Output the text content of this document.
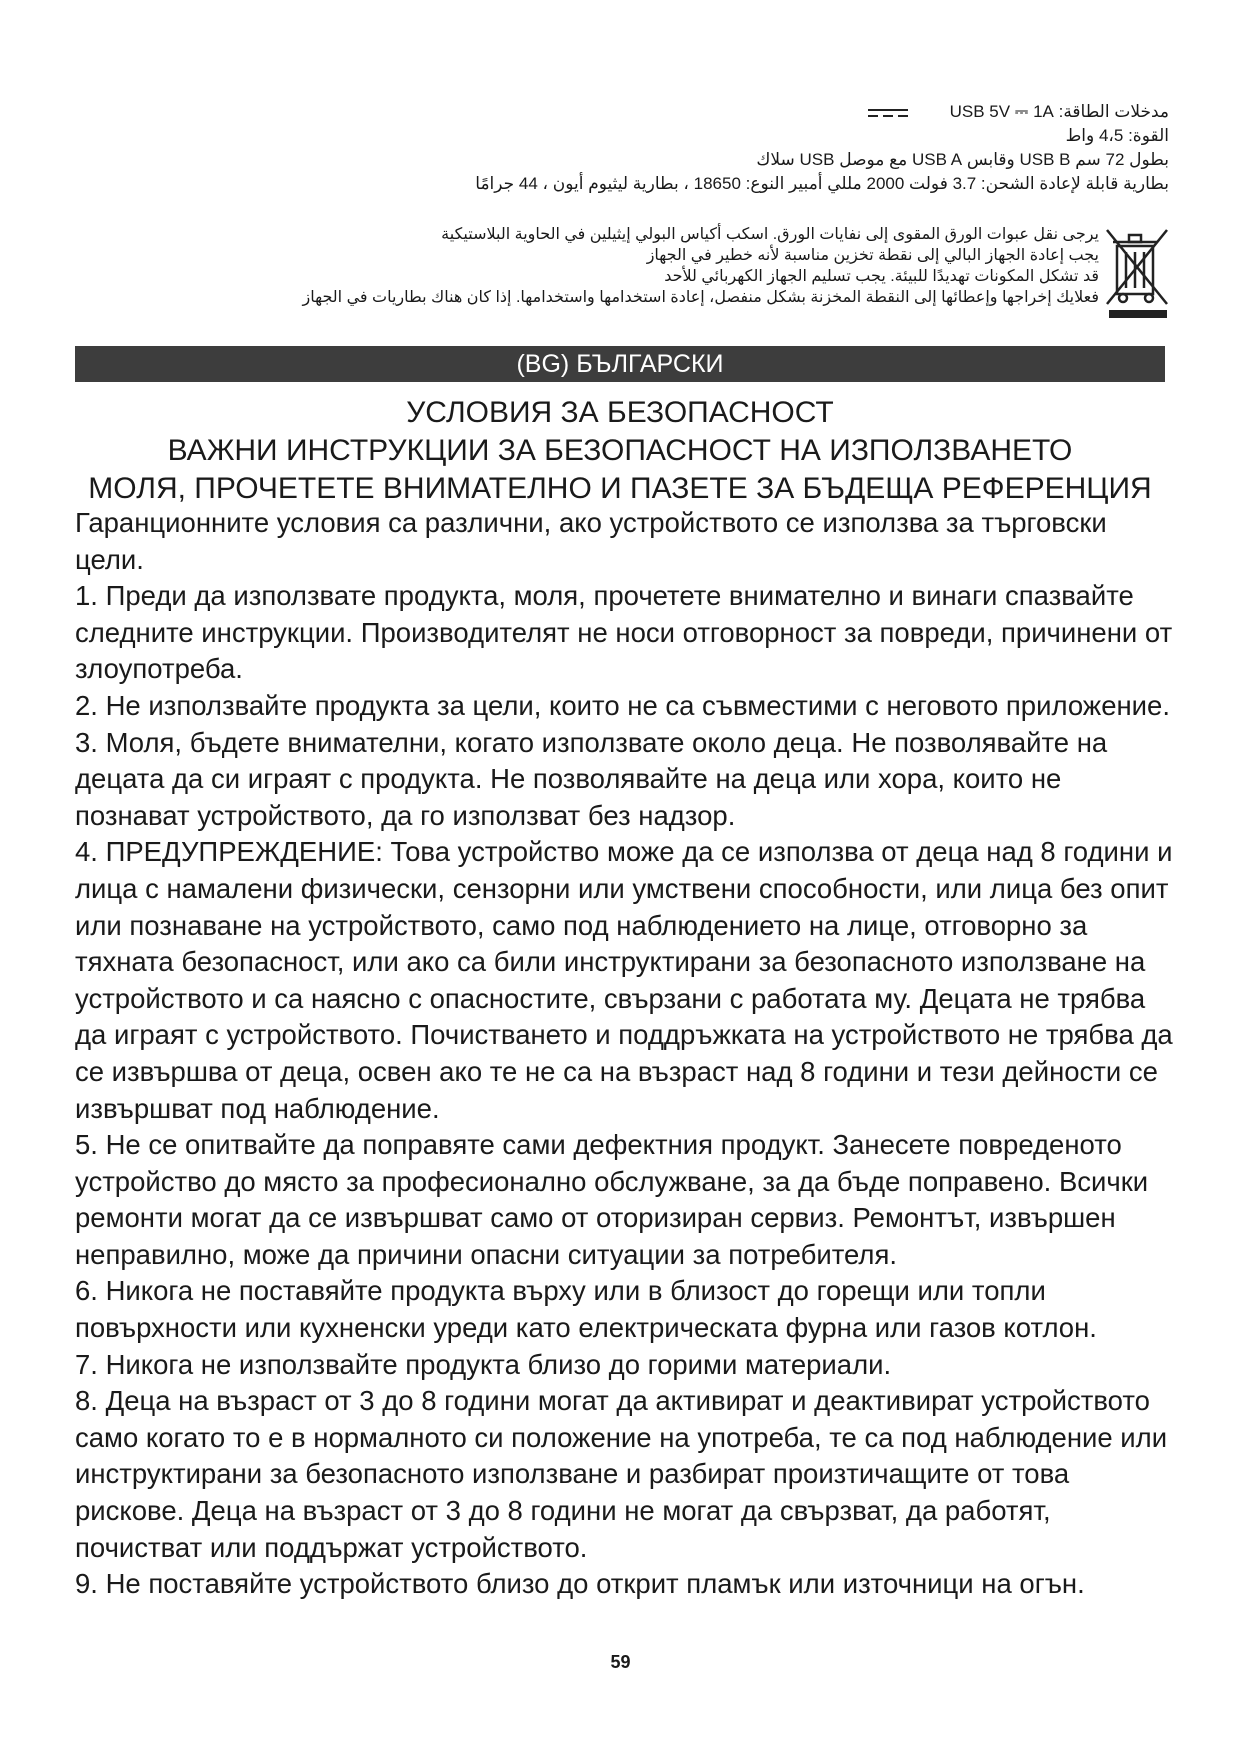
مدخلات الطاقة: USB 5V ⎓ 1A
القوة: 4،5 واط
بطول 72 سم USB B وقابس USB A مع موصل USB سلاك
بطارية قابلة لإعادة الشحن: 3.7 فولت 2000 مللي أمبير النوع: 18650 ، بطارية ليثيوم أيون ، 44 جرامًا
يرجى نقل عبوات الورق المقوى إلى نفايات الورق. اسكب أكياس البولي إيثيلين في الحاوية البلاستيكية
يجب إعادة الجهاز البالي إلى نقطة تخزين مناسبة لأنه خطير في الجهاز
قد تشكل المكونات تهديدًا للبيئة. يجب تسليم الجهاز الكهربائي للأحد
فعلايك إخراجها وإعطائها إلى النقطة المخزنة بشكل منفصل، إعادة استخدامها واستخدامها. إذا كان هناك بطاريات في الجهاز
(BG) БЪЛГАРСКИ
УСЛОВИЯ ЗА БЕЗОПАСНОСТ
ВАЖНИ ИНСТРУКЦИИ ЗА БЕЗОПАСНОСТ НА ИЗПОЛЗВАНЕТО
МОЛЯ, ПРОЧЕТЕТЕ ВНИМАТЕЛНО И ПАЗЕТЕ ЗА БЪДЕЩА РЕФЕРЕНЦИЯ

Гаранционните условия са различни, ако устройството се използва за търговски цели.

1. Преди да използвате продукта, моля, прочетете внимателно и винаги спазвайте следните инструкции. Производителят не носи отговорност за повреди, причинени от злоупотреба.

2. Не използвайте продукта за цели, които не са съвместими с неговото приложение.

3. Моля, бъдете внимателни, когато използвате около деца. Не позволявайте на децата да си играят с продукта. Не позволявайте на деца или хора, които не познават устройството, да го използват без надзор.

4. ПРЕДУПРЕЖДЕНИЕ: Това устройство може да се използва от деца над 8 години и лица с намалени физически, сензорни или умствени способности, или лица без опит или познаване на устройството, само под наблюдението на лице, отговорно за тяхната безопасност, или ако са били инструктирани за безопасното използване на устройството и са наясно с опасностите, свързани с работата му. Децата не трябва да играят с устройството. Почистването и поддръжката на устройството не трябва да се извършва от деца, освен ако те не са на възраст над 8 години и тези дейности се извършват под наблюдение.

5. Не се опитвайте да поправяте сами дефектния продукт. Занесете повреденото устройство до място за професионално обслужване, за да бъде поправено. Всички ремонти могат да се извършват само от оторизиран сервиз. Ремонтът, извършен неправилно, може да причини опасни ситуации за потребителя.

6. Никога не поставяйте продукта върху или в близост до горещи или топли повърхности или кухненски уреди като електрическата фурна или газов котлон.

7. Никога не използвайте продукта близо до горими материали.

8. Деца на възраст от 3 до 8 години могат да активират и деактивират устройството само когато то е в нормалното си положение на употреба, те са под наблюдение или инструктирани за безопасното използване и разбират произтичащите от това рискове. Деца на възраст от 3 до 8 години не могат да свързват, да работят, почистват или поддържат устройството.

9. Не поставяйте устройството близо до открит пламък или източници на огън.

59
